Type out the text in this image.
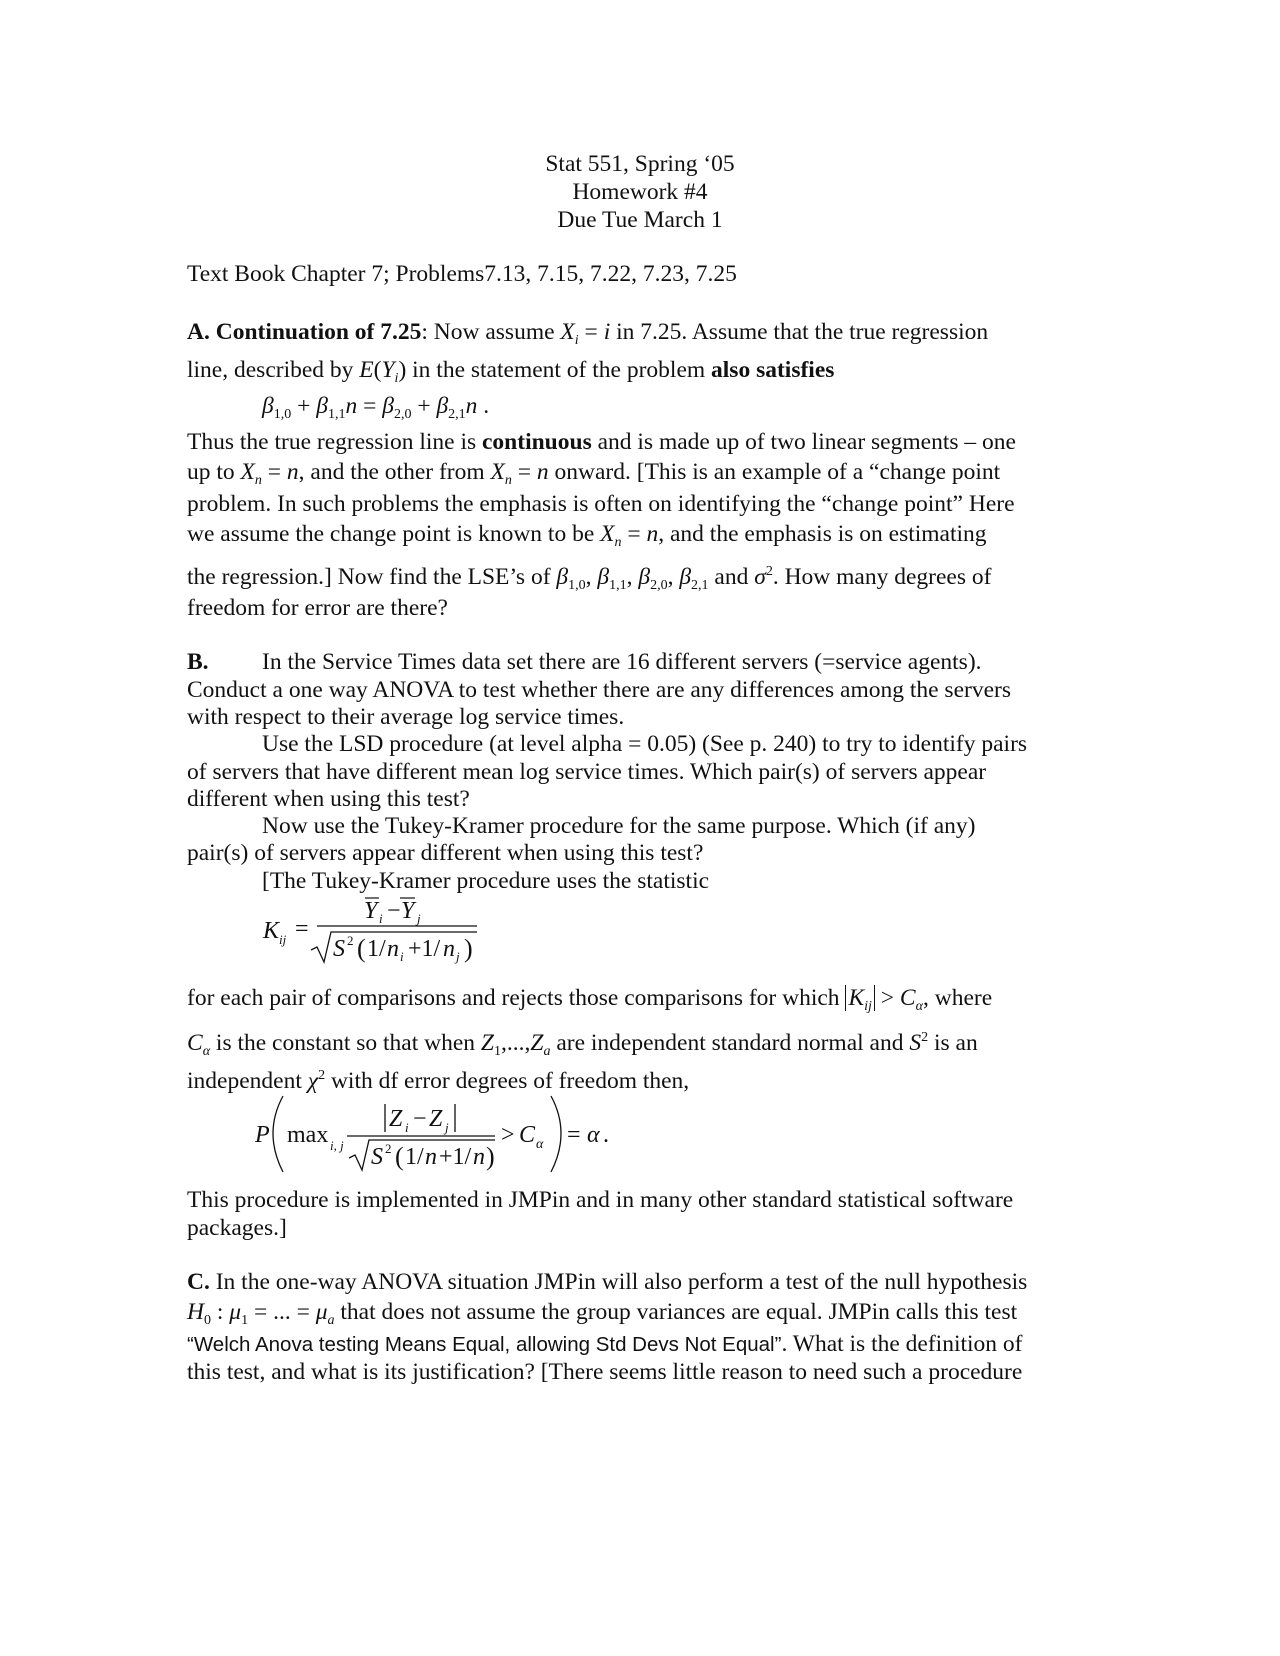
Stat 551, Spring ‘05
Homework #4
Due Tue March 1
Text Book Chapter 7; Problems7.13, 7.15, 7.22, 7.23, 7.25
A. Continuation of 7.25: Now assume $X_i = i$ in 7.25. Assume that the true regression
line, described by $E(Y_i)$ in the statement of the problem also satisfies
$\beta_{1,0} + \beta_{1,1}n = \beta_{2,0} + \beta_{2,1}n$ .
Thus the true regression line is continuous and is made up of two linear segments – one
up to $X_n = n$, and the other from $X_n = n$ onward. [This is an example of a “change point
problem. In such problems the emphasis is often on identifying the “change point” Here
we assume the change point is known to be $X_n = n$, and the emphasis is on estimating
the regression.] Now find the LSE’s of $\beta_{1,0}$, $\beta_{1,1}$, $\beta_{2,0}$, $\beta_{2,1}$ and $\sigma^2$. How many degrees of
freedom for error are there?
B. In the Service Times data set there are 16 different servers (=service agents).
Conduct a one way ANOVA to test whether there are any differences among the servers
with respect to their average log service times.
Use the LSD procedure (at level alpha = 0.05) (See p. 240) to try to identify pairs
of servers that have different mean log service times. Which pair(s) of servers appear
different when using this test?
Now use the Tukey-Kramer procedure for the same purpose. Which (if any)
pair(s) of servers appear different when using this test?
[The Tukey-Kramer procedure uses the statistic
K ij =
Y i − Y j
S 2 ( 1/ n i +1/ n j )
for each pair of comparisons and rejects those comparisons for which $K_{ij} > C_\alpha$, where
$C_\alpha$ is the constant so that when $Z_1,...,Z_a$ are independent standard normal and $S^2$ is an
independent $\chi^2$ with df error degrees of freedom then,
P max i, j
Z i − Z j
S 2 ( 1/ n +1/ n )
> C α = α .
This procedure is implemented in JMPin and in many other standard statistical software
packages.]
C. In the one-way ANOVA situation JMPin will also perform a test of the null hypothesis
$H_0$ : $\mu_1$ = ... = $\mu_a$ that does not assume the group variances are equal. JMPin calls this test
“Welch Anova testing Means Equal, allowing Std Devs Not Equal”. What is the definition of
this test, and what is its justification? [There seems little reason to need such a procedure
